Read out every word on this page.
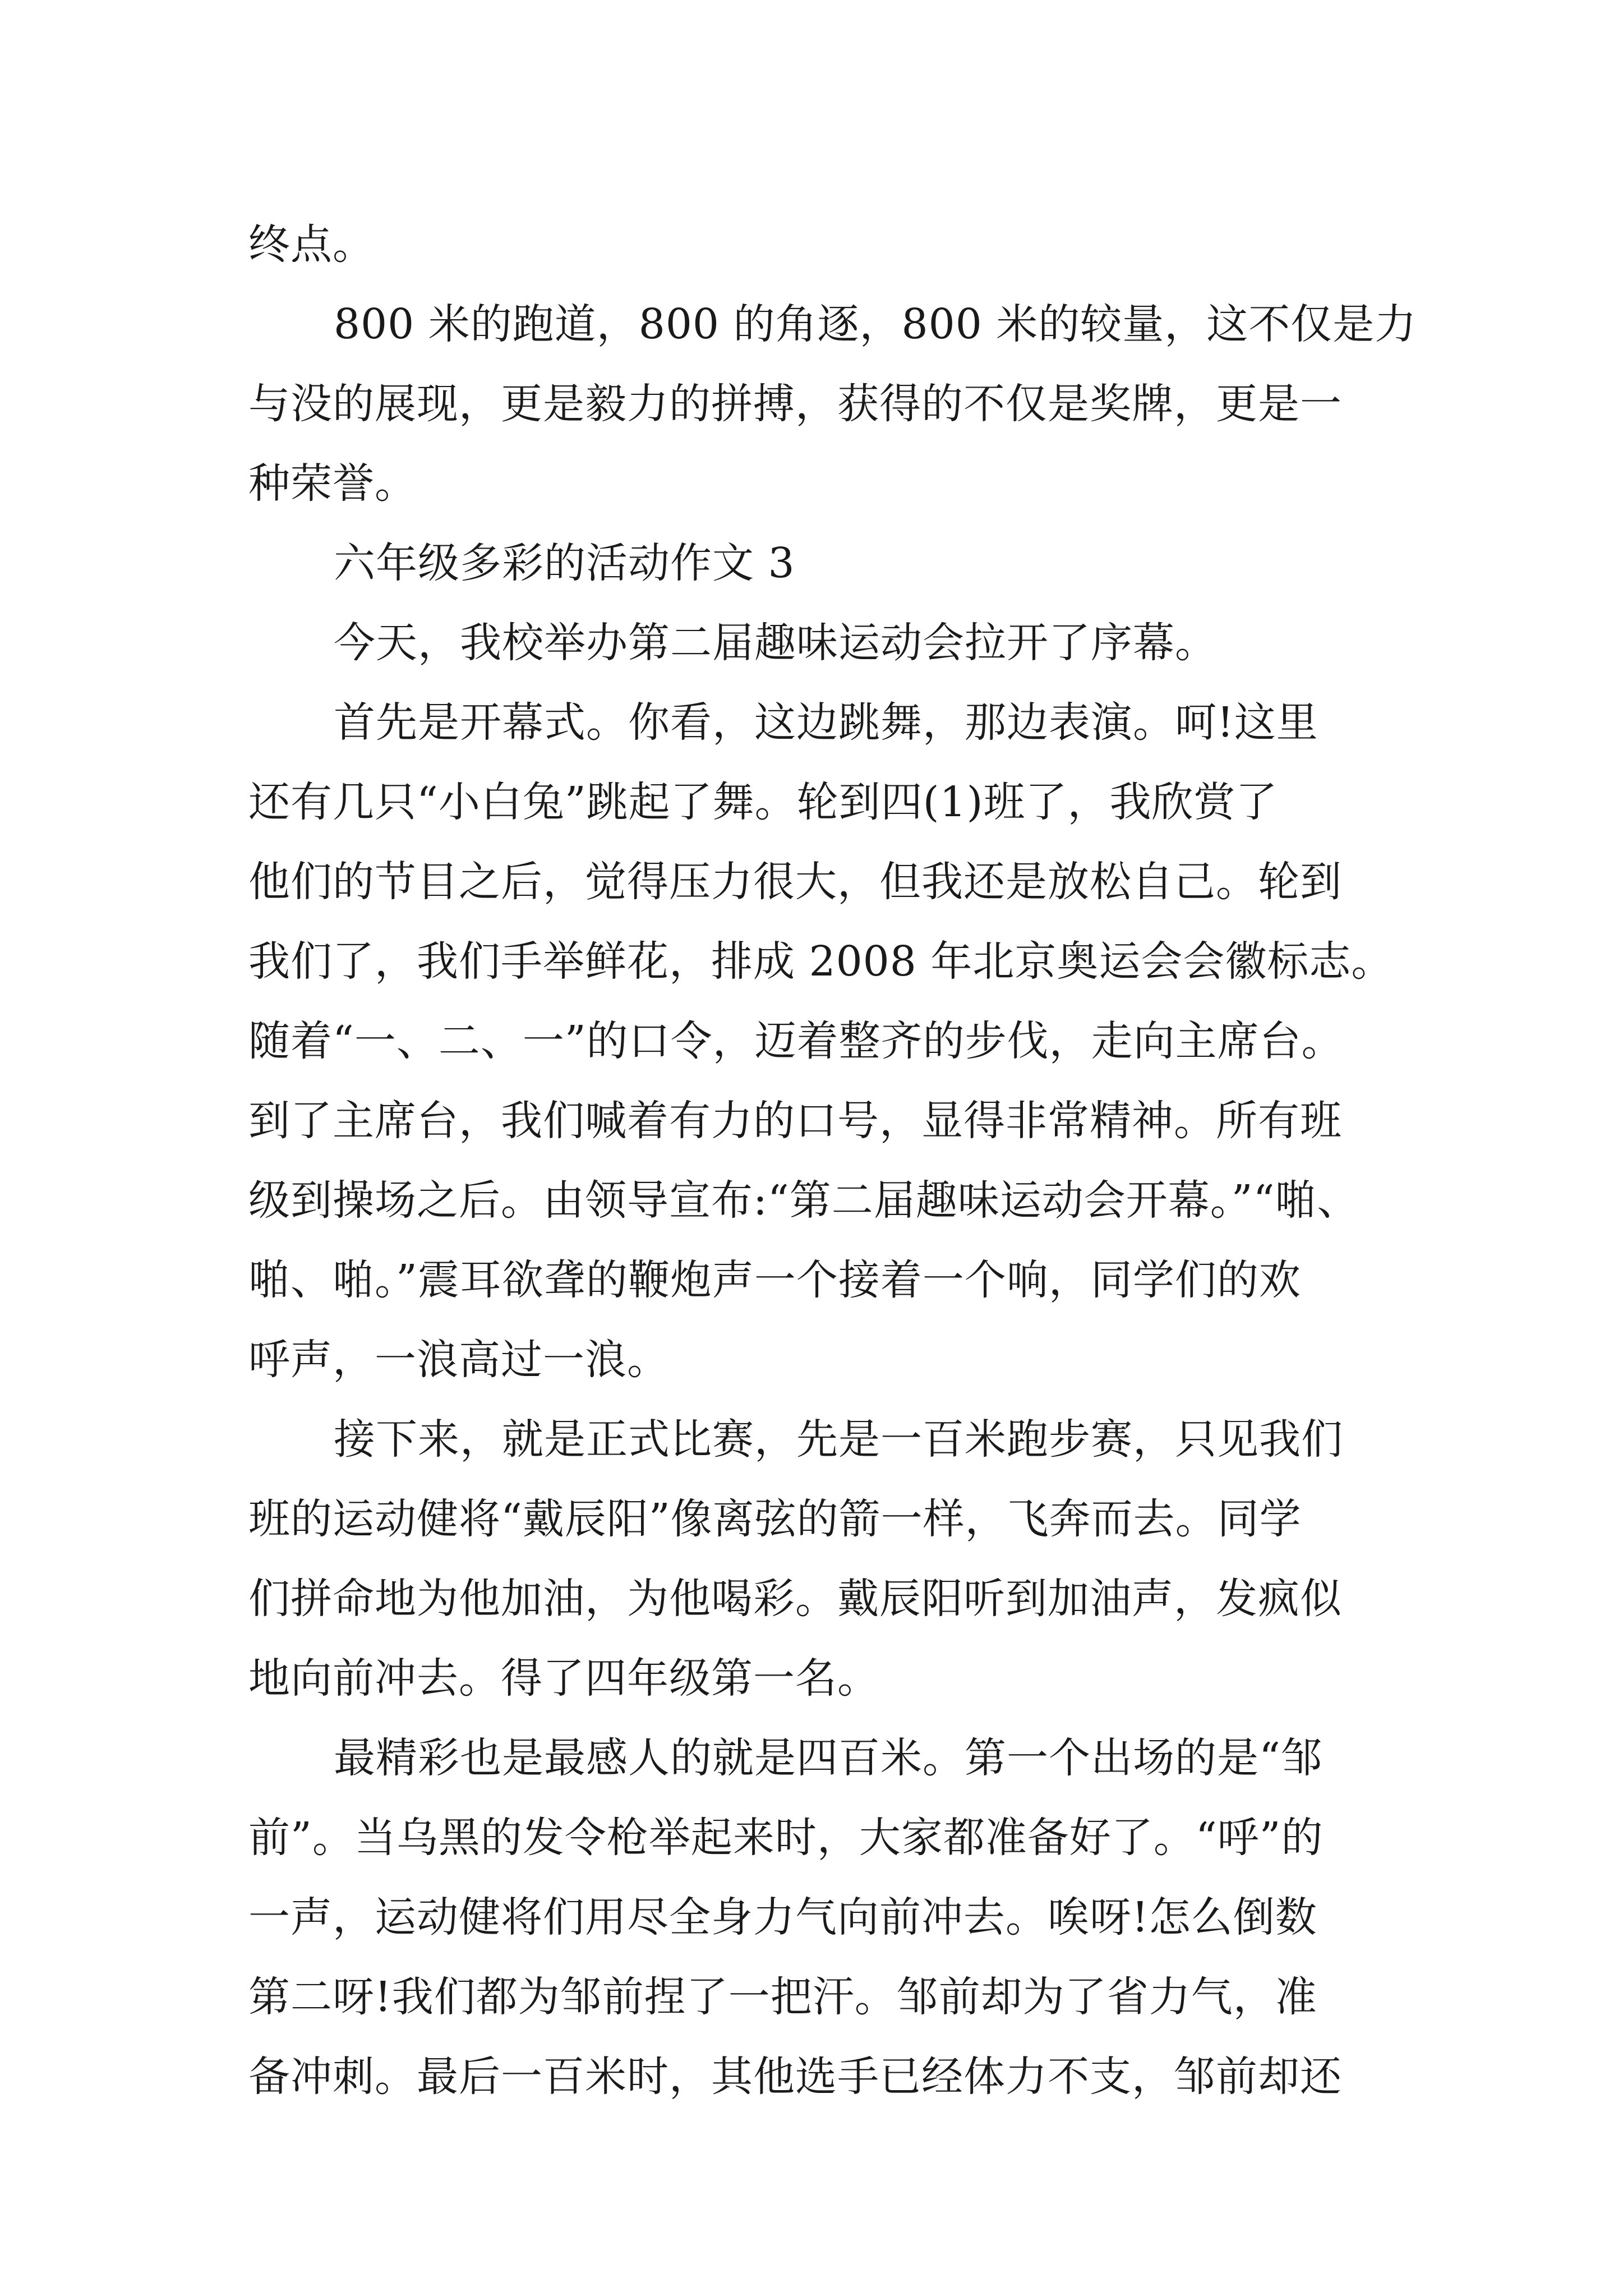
终点。
800 米的跑道，800 的角逐，800 米的较量，这不仅是力
与没的展现，更是毅力的拼搏，获得的不仅是奖牌，更是一
种荣誉。
六年级多彩的活动作文 3
今天，我校举办第二届趣味运动会拉开了序幕。
首先是开幕式。你看，这边跳舞，那边表演。呵!这里
还有几只“小白兔”跳起了舞。轮到四(1)班了，我欣赏了
他们的节目之后，觉得压力很大，但我还是放松自己。轮到
我们了，我们手举鲜花，排成 2008 年北京奥运会会徽标志。
随着“一、二、一”的口令，迈着整齐的步伐，走向主席台。
到了主席台，我们喊着有力的口号，显得非常精神。所有班
级到操场之后。由领导宣布:“第二届趣味运动会开幕。”“啪、
啪、啪。”震耳欲聋的鞭炮声一个接着一个响，同学们的欢
呼声，一浪高过一浪。
接下来，就是正式比赛，先是一百米跑步赛，只见我们
班的运动健将“戴辰阳”像离弦的箭一样，飞奔而去。同学
们拼命地为他加油，为他喝彩。戴辰阳听到加油声，发疯似
地向前冲去。得了四年级第一名。
最精彩也是最感人的就是四百米。第一个出场的是“邹
前”。当乌黑的发令枪举起来时，大家都准备好了。“呼”的
一声，运动健将们用尽全身力气向前冲去。唉呀!怎么倒数
第二呀!我们都为邹前捏了一把汗。邹前却为了省力气，准
备冲刺。最后一百米时，其他选手已经体力不支，邹前却还
